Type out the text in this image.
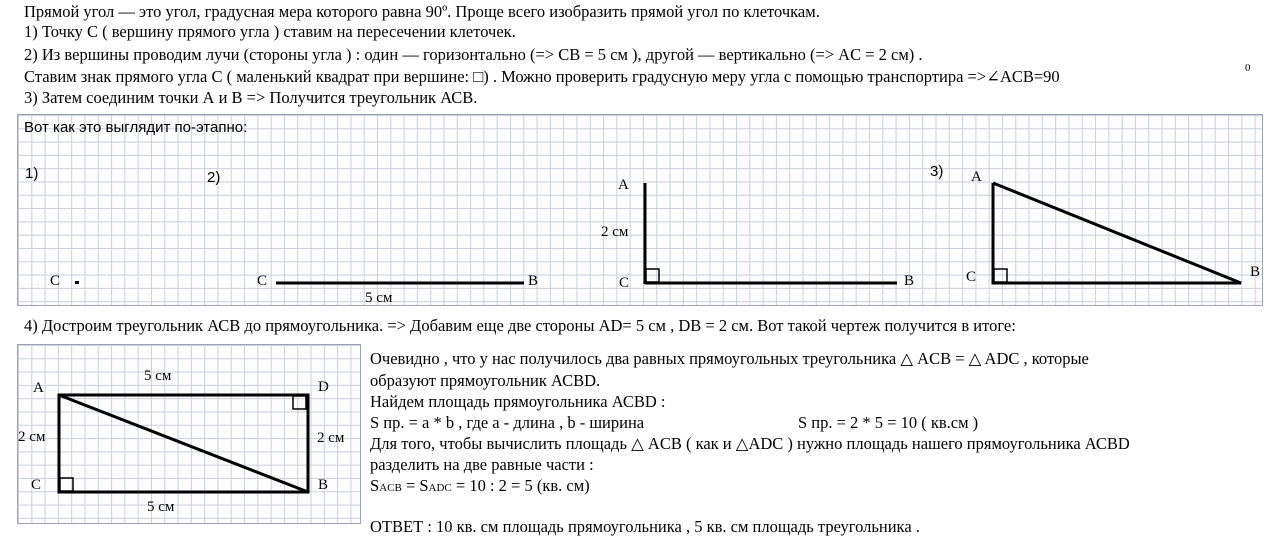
Прямой угол — это угол, градусная мера которого равна 90º. Проще всего изобразить прямой угол по клеточкам.
1) Точку С ( вершину прямого угла ) ставим на пересечении клеточек.
2) Из вершины проводим лучи (стороны угла ) : один — горизонтально (=> CB = 5 см ), другой — вертикально (=> AC = 2 см) .
Ставим знак прямого угла С ( маленький квадрат при вершине: □) . Можно проверить градусную меру угла с помощью транспортира =>∠ACB=90	0
3) Затем соединим точки А и В => Получится треугольник АСВ.
Вот как это выглядит по-этапно:
1)
С
2)
С	В
5 см
А
2 см
С	В
3) А
С	В
4) Достроим треугольник АСВ до прямоугольника. => Добавим еще две стороны AD= 5 см , DB = 2 см. Вот такой чертеж получится в итоге:
A	D
C	B
5 см
5 см
2 см	2 см
Очевидно , что у нас получилось два равных прямоугольных треугольника △ ACB = △ ADC , которые
образуют прямоугольник АСВD.
Найдем площадь прямоугольника АСВD :
S пр. = a * b , где а - длина , b - ширина	S пр. = 2 * 5 = 10 ( кв.см )
Для того, чтобы вычислить площадь △ ACB ( как и △ADC ) нужно площадь нашего прямоугольника АСВD
разделить на две равные части :
SACB = SADC = 10 : 2 = 5 (кв. см)
ОТВЕТ : 10 кв. см площадь прямоугольника , 5 кв. см площадь треугольника .
